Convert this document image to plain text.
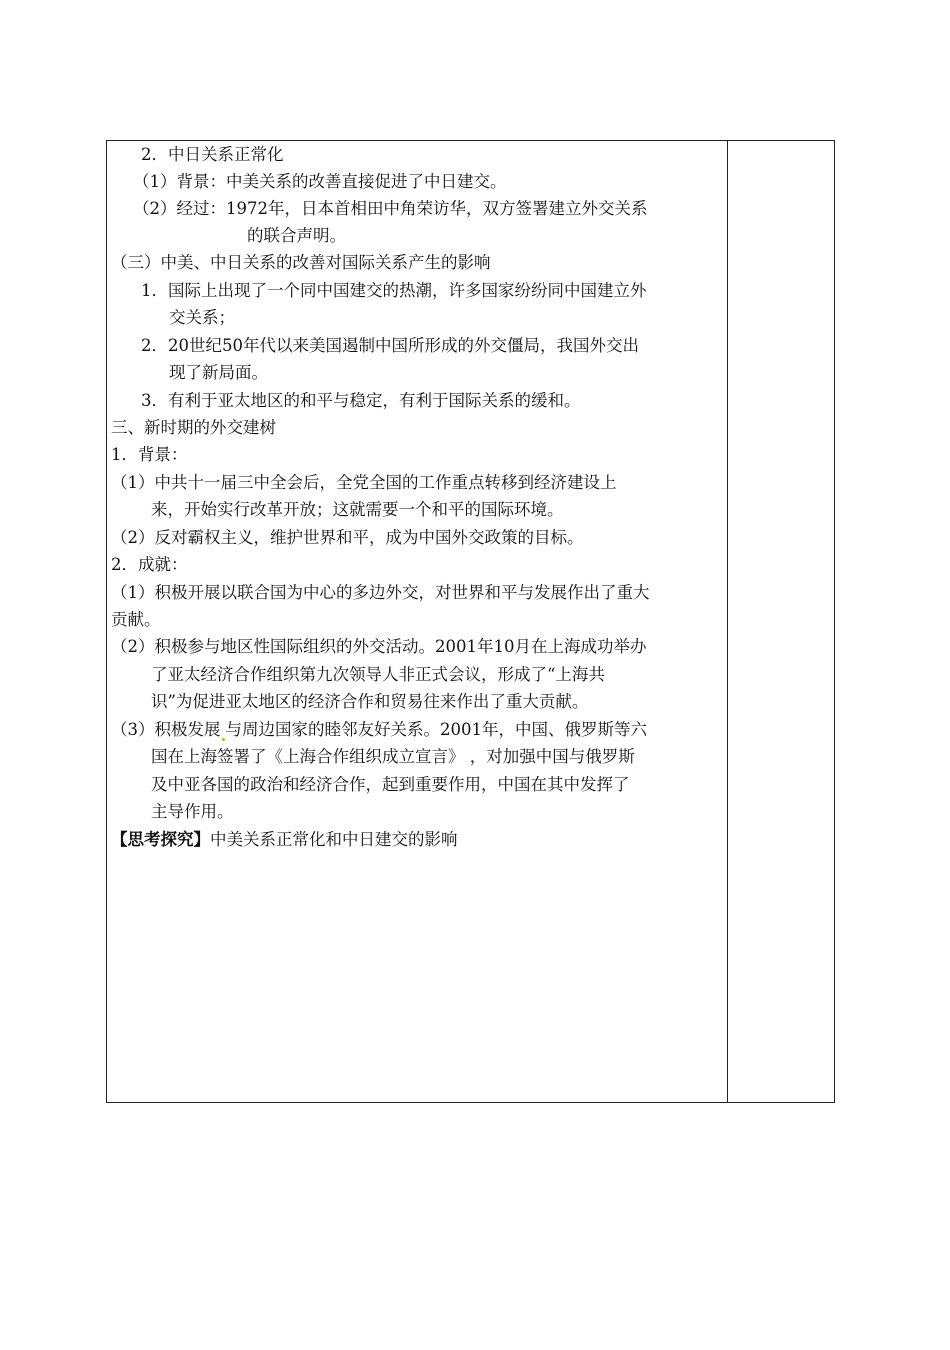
2．中日关系正常化
（1）背景：中美关系的改善直接促进了中日建交。
（2）经过：1972年，日本首相田中角荣访华，双方签署建立外交关系
的联合声明。
（三）中美、中日关系的改善对国际关系产生的影响
1．国际上出现了一个同中国建交的热潮，许多国家纷纷同中国建立外
交关系；
2．20世纪50年代以来美国遏制中国所形成的外交僵局，我国外交出
现了新局面。
3．有利于亚太地区的和平与稳定，有利于国际关系的缓和。
三、新时期的外交建树
1．背景：
（1）中共十一届三中全会后，全党全国的工作重点转移到经济建设上
来，开始实行改革开放；这就需要一个和平的国际环境。
（2）反对霸权主义，维护世界和平，成为中国外交政策的目标。
2．成就：
（1）积极开展以联合国为中心的多边外交，对世界和平与发展作出了重大
贡献。
（2）积极参与地区性国际组织的外交活动。2001年10月在上海成功举办
了亚太经济合作组织第九次领导人非正式会议，形成了“上海共
识”为促进亚太地区的经济合作和贸易往来作出了重大贡献。
（3）积极发展 与周边国家的睦邻友好关系。2001年，中国、俄罗斯等六
国在上海签署了《上海合作组织成立宣言》 ，对加强中国与俄罗斯
及中亚各国的政治和经济合作，起到重要作用，中国在其中发挥了
主导作用。
【思考探究】中美关系正常化和中日建交的影响
